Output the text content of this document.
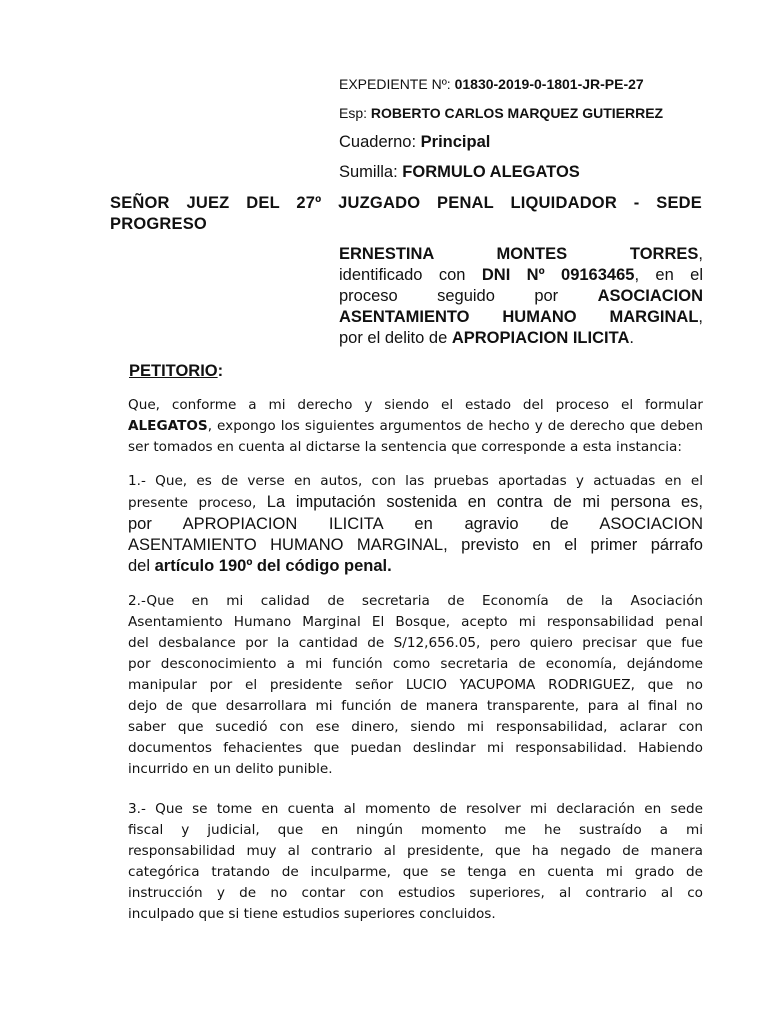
EXPEDIENTE Nº: 01830-2019-0-1801-JR-PE-27
Esp: ROBERTO CARLOS MARQUEZ GUTIERREZ
Cuaderno: Principal
Sumilla: FORMULO ALEGATOS
SEÑOR JUEZ DEL 27º JUZGADO PENAL LIQUIDADOR - SEDE
PROGRESO
ERNESTINA MONTES TORRES,
identificado con DNI Nº 09163465, en el
proceso seguido por ASOCIACION
ASENTAMIENTO HUMANO MARGINAL,
por el delito de APROPIACION ILICITA.
PETITORIO:
Que, conforme a mi derecho y siendo el estado del proceso el formular
ALEGATOS, expongo los siguientes argumentos de hecho y de derecho que deben
ser tomados en cuenta al dictarse la sentencia que corresponde a esta instancia:
1.- Que, es de verse en autos, con las pruebas aportadas y actuadas en el
presente proceso, La imputación sostenida en contra de mi persona es,
por APROPIACION ILICITA en agravio de ASOCIACION
ASENTAMIENTO HUMANO MARGINAL, previsto en el primer párrafo
del artículo 190º del código penal.
2.-Que en mi calidad de secretaria de Economía de la Asociación
Asentamiento Humano Marginal El Bosque, acepto mi responsabilidad penal
del desbalance por la cantidad de S/12,656.05, pero quiero precisar que fue
por desconocimiento a mi función como secretaria de economía, dejándome
manipular por el presidente señor LUCIO YACUPOMA RODRIGUEZ, que no
dejo de que desarrollara mi función de manera transparente, para al final no
saber que sucedió con ese dinero, siendo mi responsabilidad, aclarar con
documentos fehacientes que puedan deslindar mi responsabilidad. Habiendo
incurrido en un delito punible.
3.- Que se tome en cuenta al momento de resolver mi declaración en sede
fiscal y judicial, que en ningún momento me he sustraído a mi
responsabilidad muy al contrario al presidente, que ha negado de manera
categórica tratando de inculparme, que se tenga en cuenta mi grado de
instrucción y de no contar con estudios superiores, al contrario al co
inculpado que si tiene estudios superiores concluidos.
